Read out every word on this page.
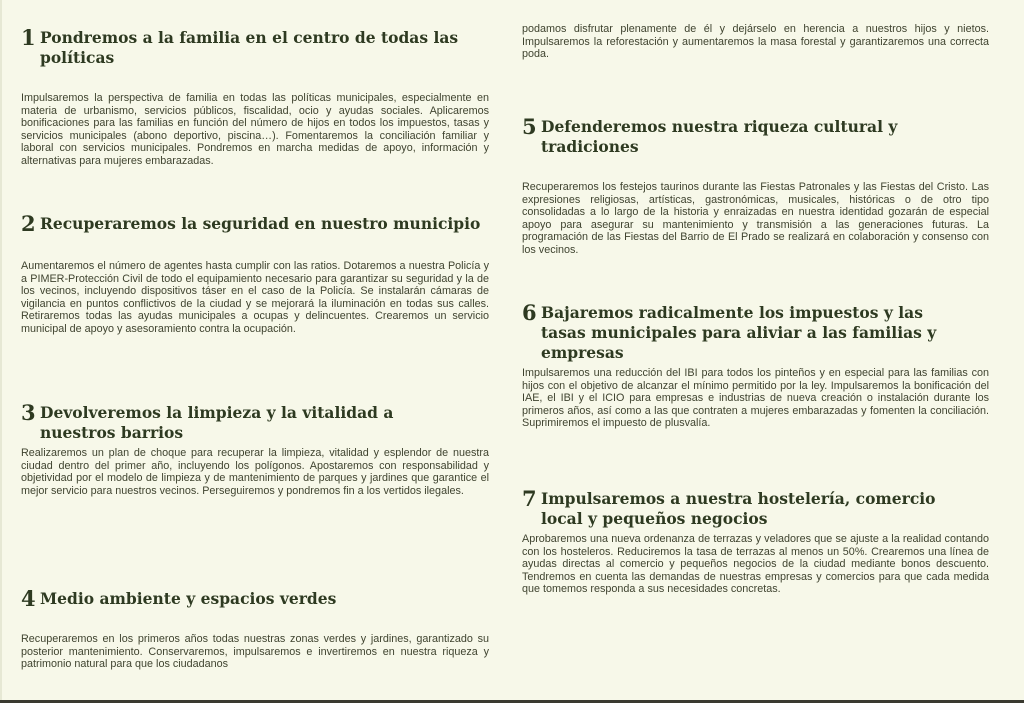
1 Pondremos a la familia en el centro de todas las políticas

Impulsaremos la perspectiva de familia en todas las políticas municipales, especialmente en materia de urbanismo, servicios públicos, fiscalidad, ocio y ayudas sociales. Aplicaremos bonificaciones para las familias en función del número de hijos en todos los impuestos, tasas y servicios municipales (abono deportivo, piscina…). Fomentaremos la conciliación familiar y laboral con servicios municipales. Pondremos en marcha medidas de apoyo, información y alternativas para mujeres embarazadas.

2 Recuperaremos la seguridad en nuestro municipio

Aumentaremos el número de agentes hasta cumplir con las ratios. Dotaremos a nuestra Policía y a PIMER-Protección Civil de todo el equipamiento necesario para garantizar su seguridad y la de los vecinos, incluyendo dispositivos táser en el caso de la Policía. Se instalarán cámaras de vigilancia en puntos conflictivos de la ciudad y se mejorará la iluminación en todas sus calles. Retiraremos todas las ayudas municipales a ocupas y delincuentes. Crearemos un servicio municipal de apoyo y asesoramiento contra la ocupación.

3 Devolveremos la limpieza y la vitalidad a nuestros barrios

Realizaremos un plan de choque para recuperar la limpieza, vitalidad y esplendor de nuestra ciudad dentro del primer año, incluyendo los polígonos. Apostaremos con responsabilidad y objetividad por el modelo de limpieza y de mantenimiento de parques y jardines que garantice el mejor servicio para nuestros vecinos. Perseguiremos y pondremos fin a los vertidos ilegales.

4 Medio ambiente y espacios verdes

Recuperaremos en los primeros años todas nuestras zonas verdes y jardines, garantizado su posterior mantenimiento. Conservaremos, impulsaremos e invertiremos en nuestra riqueza y patrimonio natural para que los ciudadanos

podamos disfrutar plenamente de él y dejárselo en herencia a nuestros hijos y nietos. Impulsaremos la reforestación y aumentaremos la masa forestal y garantizaremos una correcta poda.

5 Defenderemos nuestra riqueza cultural y tradiciones

Recuperaremos los festejos taurinos durante las Fiestas Patronales y las Fiestas del Cristo. Las expresiones religiosas, artísticas, gastronómicas, musicales, históricas o de otro tipo consolidadas a lo largo de la historia y enraizadas en nuestra identidad gozarán de especial apoyo para asegurar su mantenimiento y transmisión a las generaciones futuras. La programación de las Fiestas del Barrio de El Prado se realizará en colaboración y consenso con los vecinos.

6 Bajaremos radicalmente los impuestos y las tasas municipales para aliviar a las familias y empresas

Impulsaremos una reducción del IBI para todos los pinteños y en especial para las familias con hijos con el objetivo de alcanzar el mínimo permitido por la ley. Impulsaremos la bonificación del IAE, el IBI y el ICIO para empresas e industrias de nueva creación o instalación durante los primeros años, así como a las que contraten a mujeres embarazadas y fomenten la conciliación. Suprimiremos el impuesto de plusvalía.

7 Impulsaremos a nuestra hostelería, comercio local y pequeños negocios

Aprobaremos una nueva ordenanza de terrazas y veladores que se ajuste a la realidad contando con los hosteleros. Reduciremos la tasa de terrazas al menos un 50%. Crearemos una línea de ayudas directas al comercio y pequeños negocios de la ciudad mediante bonos descuento. Tendremos en cuenta las demandas de nuestras empresas y comercios para que cada medida que tomemos responda a sus necesidades concretas.
